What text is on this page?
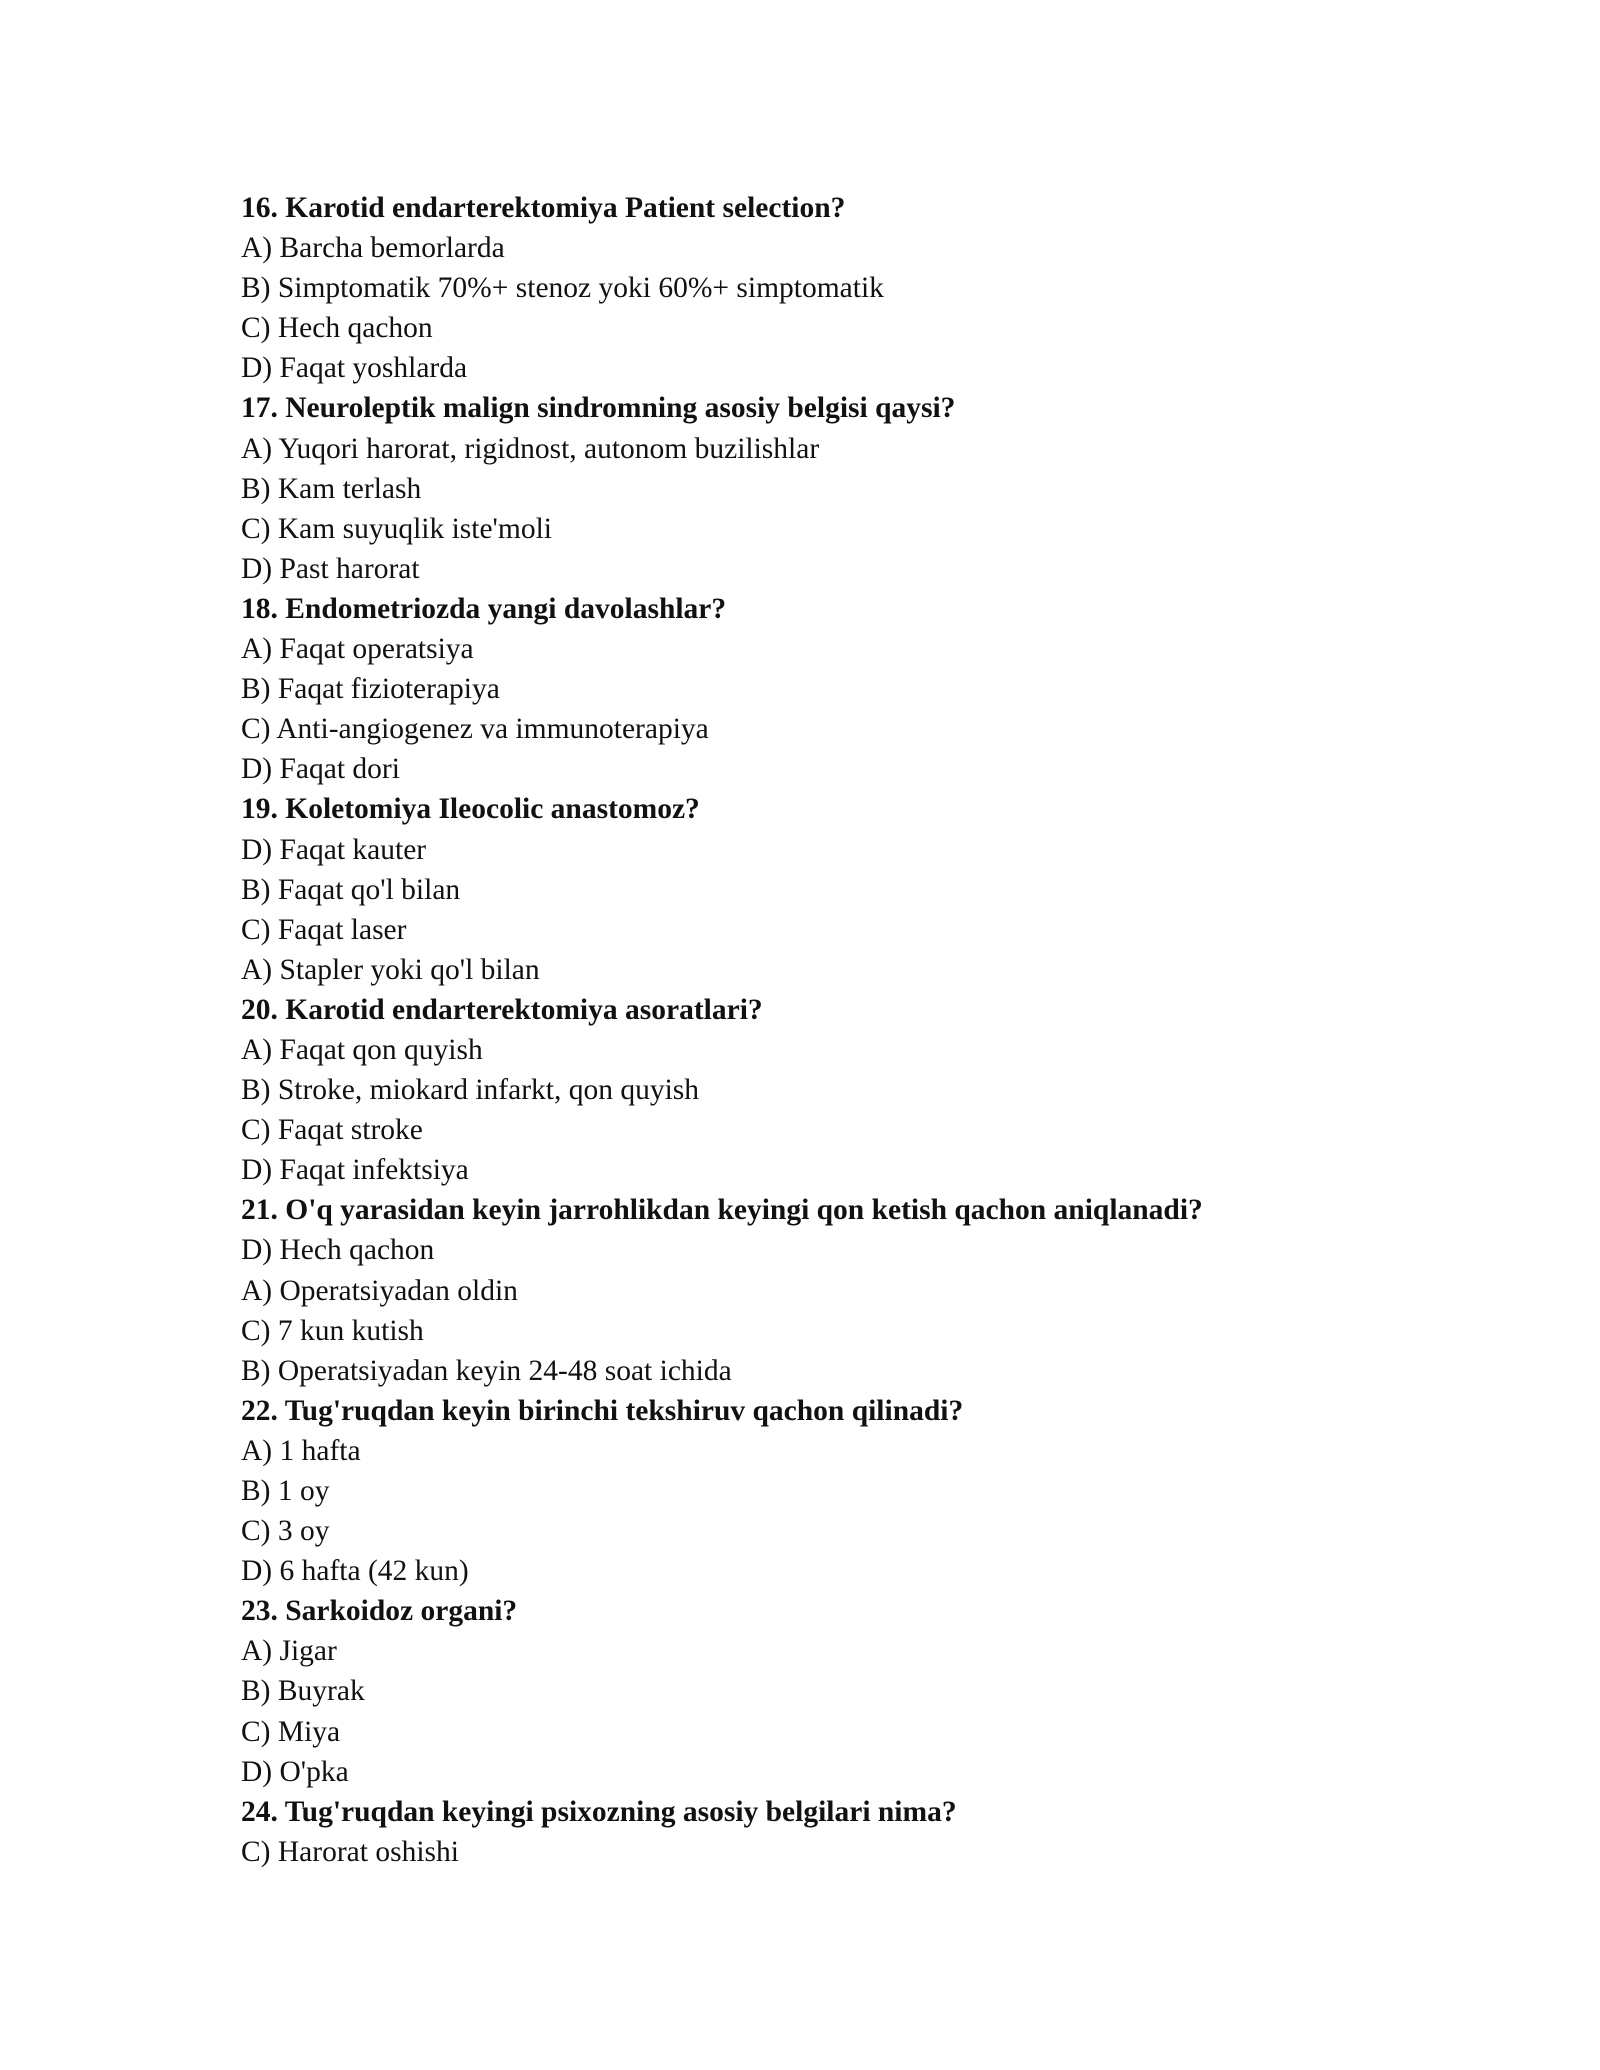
16. Karotid endarterektomiya Patient selection?
A) Barcha bemorlarda
B) Simptomatik 70%+ stenoz yoki 60%+ simptomatik
C) Hech qachon
D) Faqat yoshlarda
17. Neuroleptik malign sindromning asosiy belgisi qaysi?
A) Yuqori harorat, rigidnost, autonom buzilishlar
B) Kam terlash
C) Kam suyuqlik iste'moli
D) Past harorat
18. Endometriozda yangi davolashlar?
A) Faqat operatsiya
B) Faqat fizioterapiya
C) Anti-angiogenez va immunoterapiya
D) Faqat dori
19. Koletomiya Ileocolic anastomoz?
D) Faqat kauter
B) Faqat qo'l bilan
C) Faqat laser
A) Stapler yoki qo'l bilan
20. Karotid endarterektomiya asoratlari?
A) Faqat qon quyish
B) Stroke, miokard infarkt, qon quyish
C) Faqat stroke
D) Faqat infektsiya
21. O'q yarasidan keyin jarrohlikdan keyingi qon ketish qachon aniqlanadi?
D) Hech qachon
A) Operatsiyadan oldin
C) 7 kun kutish
B) Operatsiyadan keyin 24-48 soat ichida
22. Tug'ruqdan keyin birinchi tekshiruv qachon qilinadi?
A) 1 hafta
B) 1 oy
C) 3 oy
D) 6 hafta (42 kun)
23. Sarkoidoz organi?
A) Jigar
B) Buyrak
C) Miya
D) O'pka
24. Tug'ruqdan keyingi psixozning asosiy belgilari nima?
C) Harorat oshishi
